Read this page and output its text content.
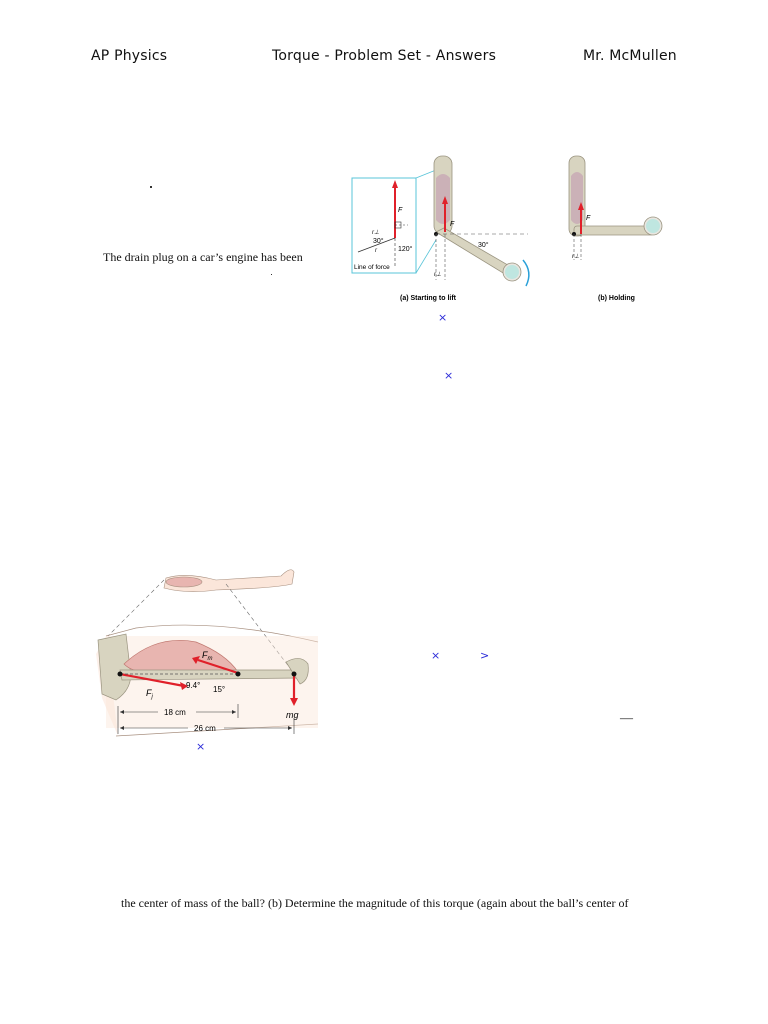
AP Physics	Torque - Problem Set - Answers	Mr. McMullen
The drain plug on a car’s engine has been
F
30°
120°
r⊥
r
Line of force
F
30°
r⊥
(a) Starting to lift
F
r⊥
(b) Holding
×
×
×	>
×
—
$F_m$
$F_j$
9.4° 15°
mg
18 cm
26 cm
the center of mass of the ball? (b) Determine the magnitude of this torque (again about the ball’s center of
